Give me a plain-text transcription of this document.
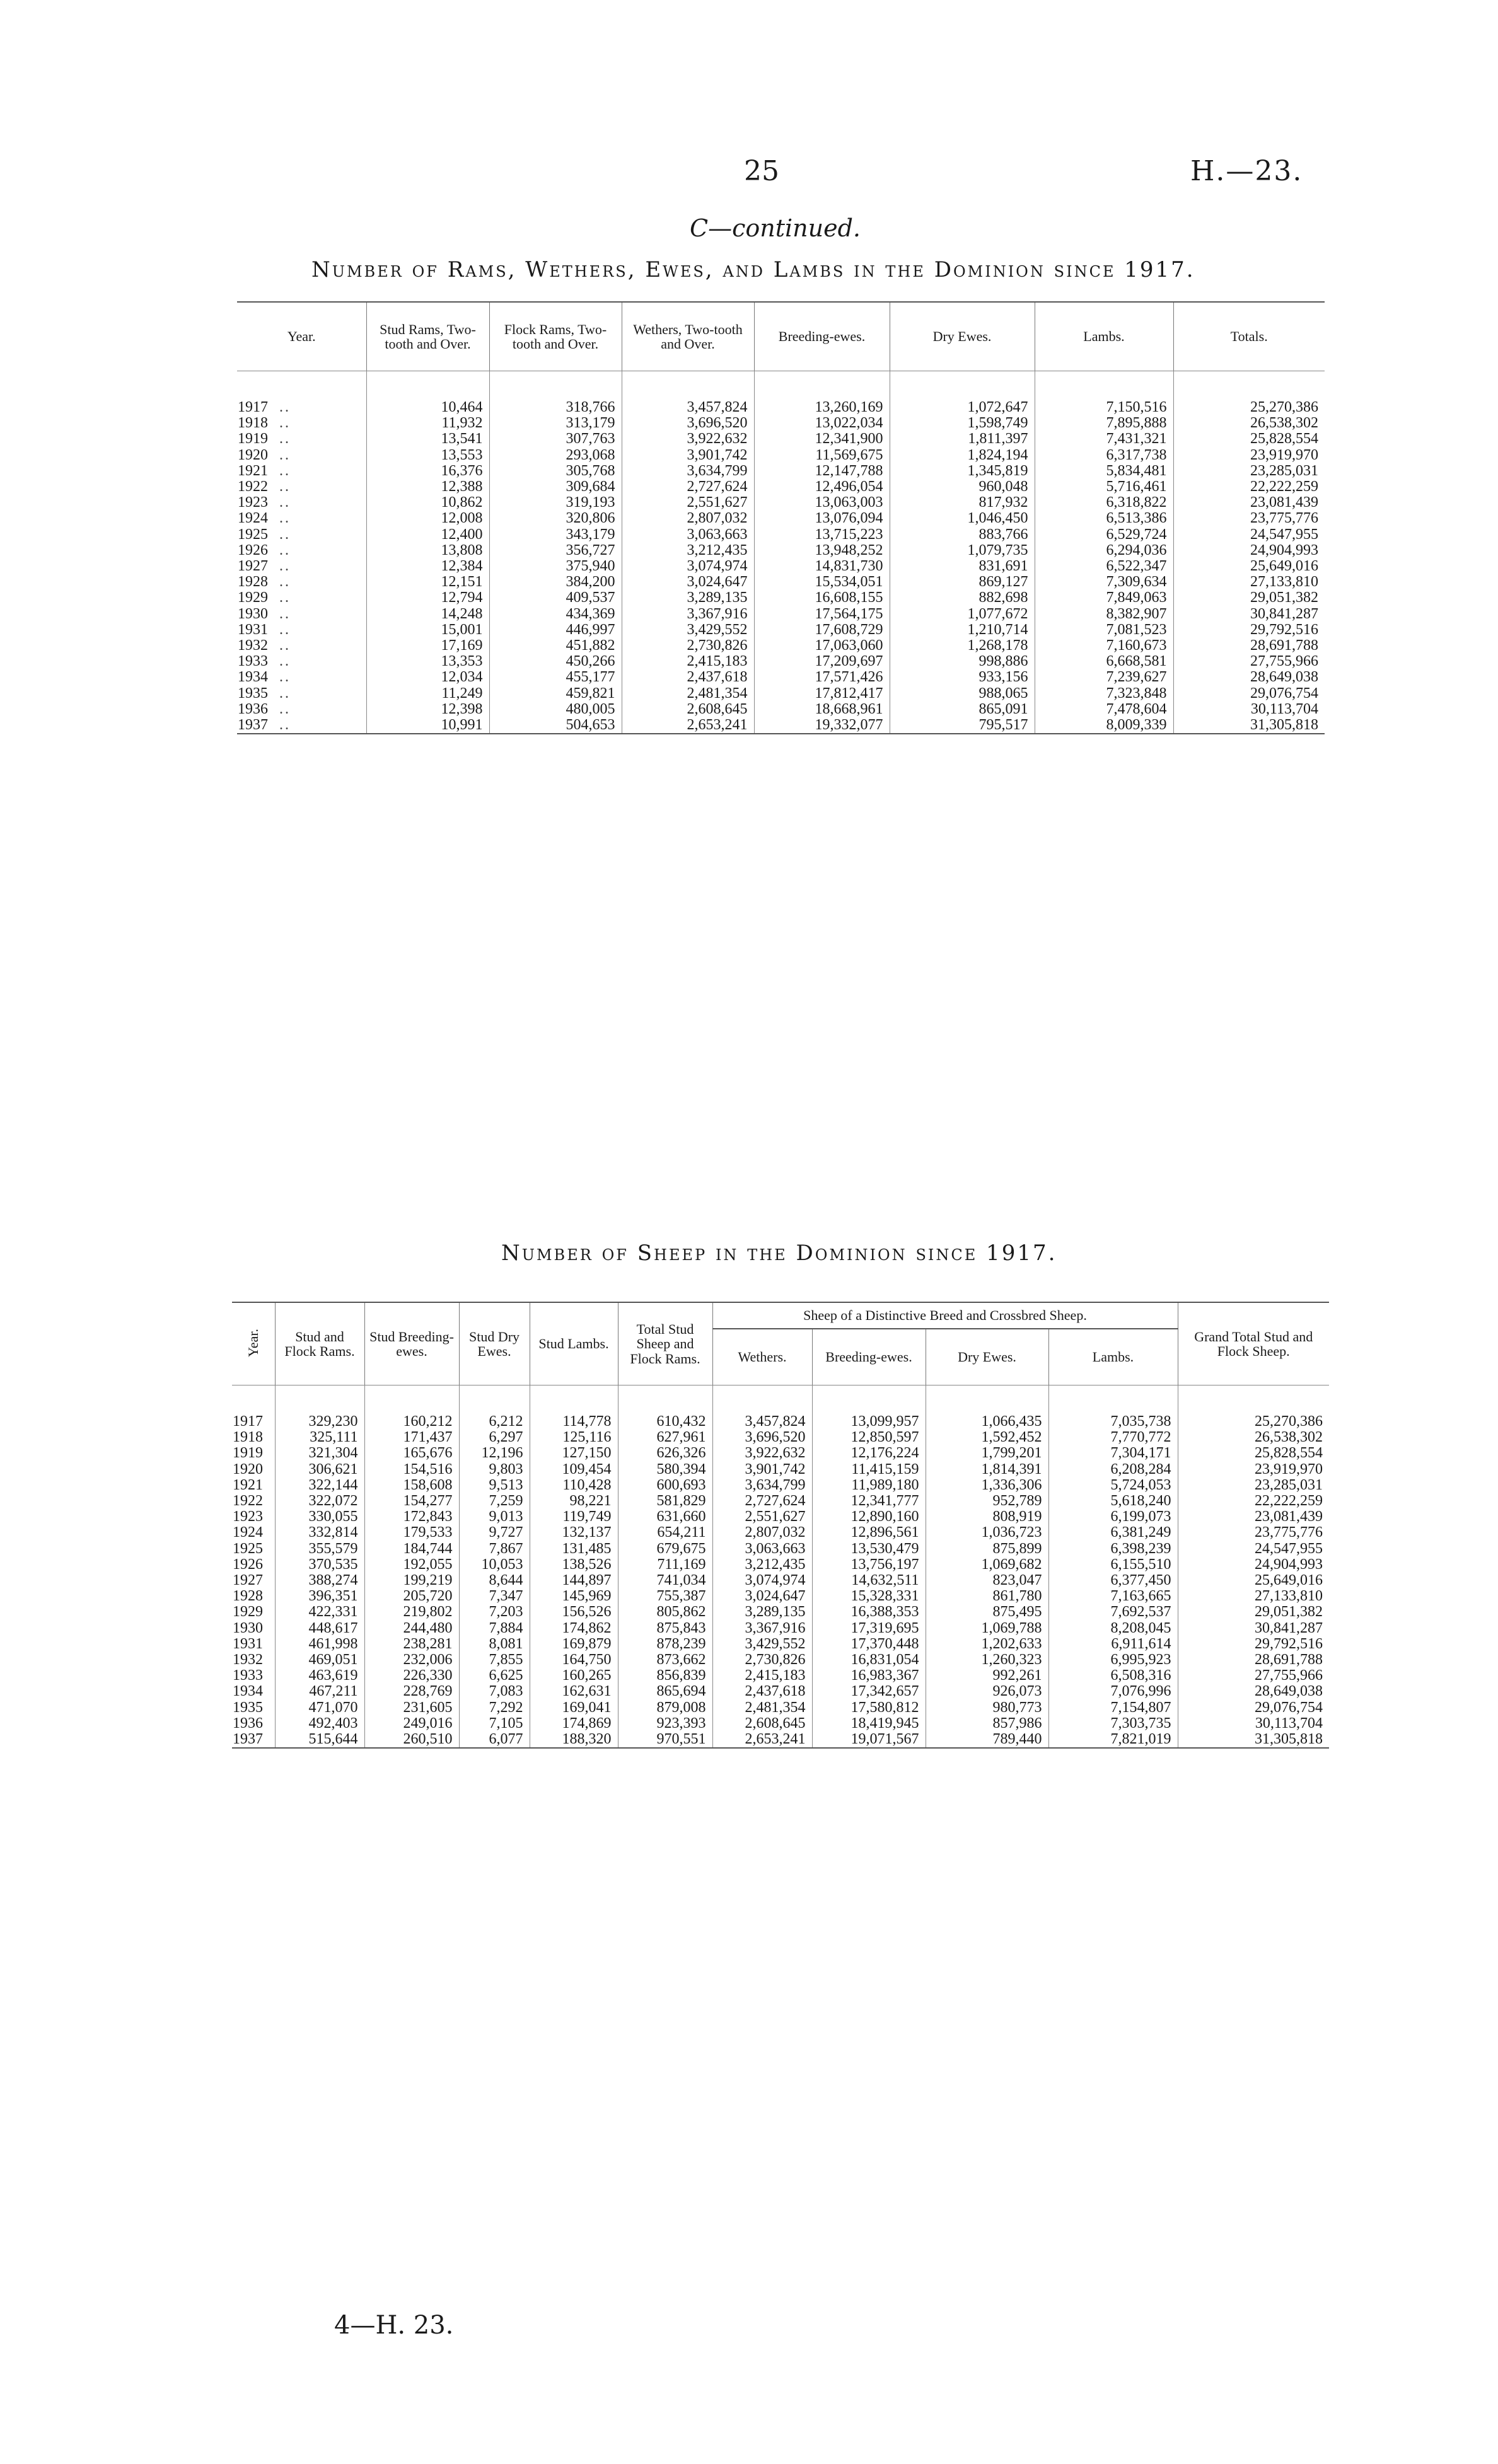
25	H.—23.
C—continued.
Number of Rams, Wethers, Ewes, and Lambs in the Dominion since 1917.
Year.	Stud Rams, Two-tooth and Over.	Flock Rams, Two-tooth and Over.	Wethers, Two-tooth and Over.	Breeding-ewes.	Dry Ewes.	Lambs.	Totals.
1917 ..	10,464	318,766	3,457,824	13,260,169	1,072,647	7,150,516	25,270,386
1918 ..	11,932	313,179	3,696,520	13,022,034	1,598,749	7,895,888	26,538,302
1919 ..	13,541	307,763	3,922,632	12,341,900	1,811,397	7,431,321	25,828,554
1920 ..	13,553	293,068	3,901,742	11,569,675	1,824,194	6,317,738	23,919,970
1921 ..	16,376	305,768	3,634,799	12,147,788	1,345,819	5,834,481	23,285,031
1922 ..	12,388	309,684	2,727,624	12,496,054	960,048	5,716,461	22,222,259
1923 ..	10,862	319,193	2,551,627	13,063,003	817,932	6,318,822	23,081,439
1924 ..	12,008	320,806	2,807,032	13,076,094	1,046,450	6,513,386	23,775,776
1925 ..	12,400	343,179	3,063,663	13,715,223	883,766	6,529,724	24,547,955
1926 ..	13,808	356,727	3,212,435	13,948,252	1,079,735	6,294,036	24,904,993
1927 ..	12,384	375,940	3,074,974	14,831,730	831,691	6,522,347	25,649,016
1928 ..	12,151	384,200	3,024,647	15,534,051	869,127	7,309,634	27,133,810
1929 ..	12,794	409,537	3,289,135	16,608,155	882,698	7,849,063	29,051,382
1930 ..	14,248	434,369	3,367,916	17,564,175	1,077,672	8,382,907	30,841,287
1931 ..	15,001	446,997	3,429,552	17,608,729	1,210,714	7,081,523	29,792,516
1932 ..	17,169	451,882	2,730,826	17,063,060	1,268,178	7,160,673	28,691,788
1933 ..	13,353	450,266	2,415,183	17,209,697	998,886	6,668,581	27,755,966
1934 ..	12,034	455,177	2,437,618	17,571,426	933,156	7,239,627	28,649,038
1935 ..	11,249	459,821	2,481,354	17,812,417	988,065	7,323,848	29,076,754
1936 ..	12,398	480,005	2,608,645	18,668,961	865,091	7,478,604	30,113,704
1937 ..	10,991	504,653	2,653,241	19,332,077	795,517	8,009,339	31,305,818
Number of Sheep in the Dominion since 1917.
Year.	Stud and Flock Rams.	Stud Breeding-ewes.	Stud Dry Ewes.	Stud Lambs.	Total Stud Sheep and Flock Rams.	Sheep of a Distinctive Breed and Crossbred Sheep.				Grand Total Stud and Flock Sheep.
						Wethers.	Breeding-ewes.	Dry Ewes.	Lambs.	
1917	329,230	160,212	6,212	114,778	610,432	3,457,824	13,099,957	1,066,435	7,035,738	25,270,386
1918	325,111	171,437	6,297	125,116	627,961	3,696,520	12,850,597	1,592,452	7,770,772	26,538,302
1919	321,304	165,676	12,196	127,150	626,326	3,922,632	12,176,224	1,799,201	7,304,171	25,828,554
1920	306,621	154,516	9,803	109,454	580,394	3,901,742	11,415,159	1,814,391	6,208,284	23,919,970
1921	322,144	158,608	9,513	110,428	600,693	3,634,799	11,989,180	1,336,306	5,724,053	23,285,031
1922	322,072	154,277	7,259	98,221	581,829	2,727,624	12,341,777	952,789	5,618,240	22,222,259
1923	330,055	172,843	9,013	119,749	631,660	2,551,627	12,890,160	808,919	6,199,073	23,081,439
1924	332,814	179,533	9,727	132,137	654,211	2,807,032	12,896,561	1,036,723	6,381,249	23,775,776
1925	355,579	184,744	7,867	131,485	679,675	3,063,663	13,530,479	875,899	6,398,239	24,547,955
1926	370,535	192,055	10,053	138,526	711,169	3,212,435	13,756,197	1,069,682	6,155,510	24,904,993
1927	388,274	199,219	8,644	144,897	741,034	3,074,974	14,632,511	823,047	6,377,450	25,649,016
1928	396,351	205,720	7,347	145,969	755,387	3,024,647	15,328,331	861,780	7,163,665	27,133,810
1929	422,331	219,802	7,203	156,526	805,862	3,289,135	16,388,353	875,495	7,692,537	29,051,382
1930	448,617	244,480	7,884	174,862	875,843	3,367,916	17,319,695	1,069,788	8,208,045	30,841,287
1931	461,998	238,281	8,081	169,879	878,239	3,429,552	17,370,448	1,202,633	6,911,614	29,792,516
1932	469,051	232,006	7,855	164,750	873,662	2,730,826	16,831,054	1,260,323	6,995,923	28,691,788
1933	463,619	226,330	6,625	160,265	856,839	2,415,183	16,983,367	992,261	6,508,316	27,755,966
1934	467,211	228,769	7,083	162,631	865,694	2,437,618	17,342,657	926,073	7,076,996	28,649,038
1935	471,070	231,605	7,292	169,041	879,008	2,481,354	17,580,812	980,773	7,154,807	29,076,754
1936	492,403	249,016	7,105	174,869	923,393	2,608,645	18,419,945	857,986	7,303,735	30,113,704
1937	515,644	260,510	6,077	188,320	970,551	2,653,241	19,071,567	789,440	7,821,019	31,305,818
4—H. 23.
